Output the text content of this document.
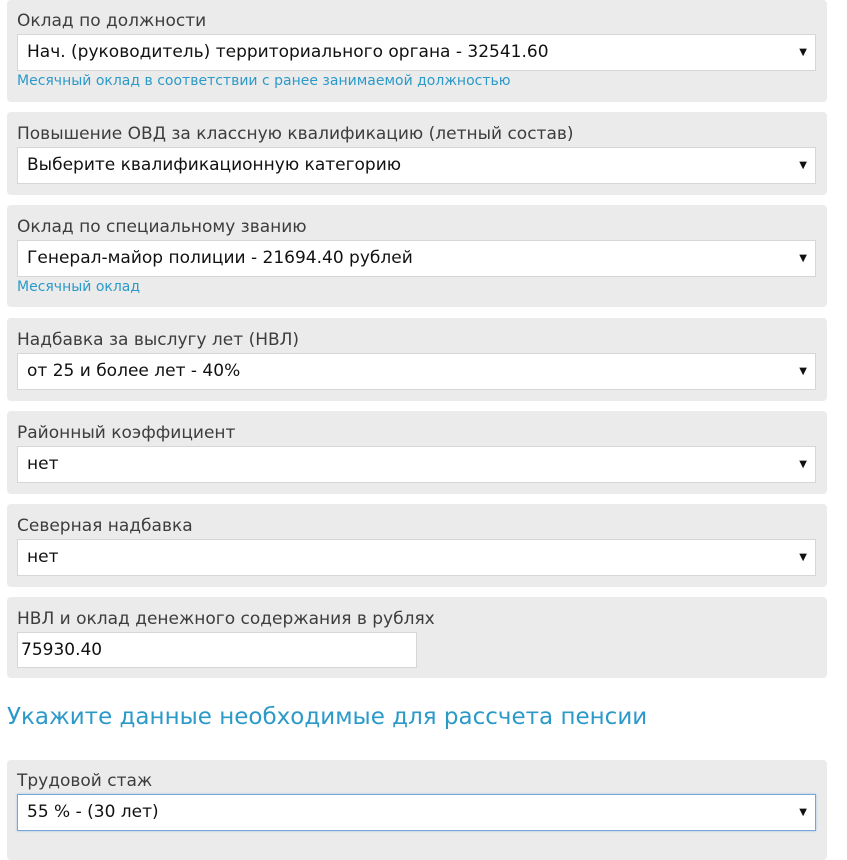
Оклад по должности
Нач. (руководитель) территориального органа - 32541.60	▼
Месячный оклад в соответствии с ранее занимаемой должностью
Повышение ОВД за классную квалификацию (летный состав)
Выберите квалификационную категорию	▼
Оклад по специальному званию
Генерал-майор полиции - 21694.40 рублей	▼
Месячный оклад
Надбавка за выслугу лет (НВЛ)
от 25 и более лет - 40%	▼
Районный коэффициент
нет	▼
Северная надбавка
нет	▼
НВЛ и оклад денежного содержания в рублях
75930.40
Укажите данные необходимые для рассчета пенсии
Трудовой стаж
55 % - (30 лет)	▼
